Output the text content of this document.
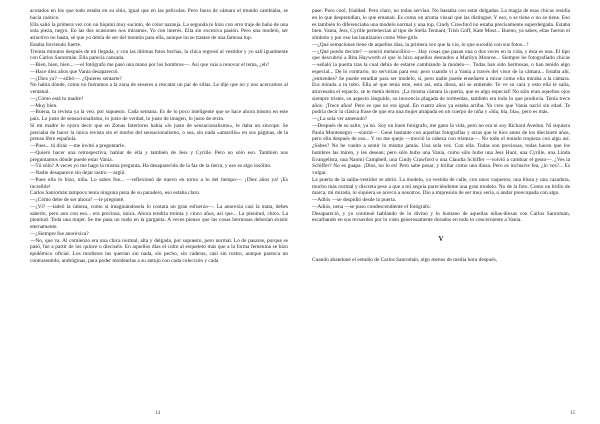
acotados en los que todo estaba en su sitio, igual que en las películas. Pero fuera de cámara el mundo cambiaba, se hacía caótico.

Ella salió la primera vez con un biquini muy sucinto, de color naranja. La segunda lo hizo con otro traje de baño de una sola pieza, negro. En las dos ocasiones nos miramos. Yo con interés. Ella sin excesiva pasión. Pero una modelo, ser atractivo no basta, sé que yo debía de ser del montón para ella, aunque no se tratase de una famosa top.

Estaba lloviendo fuerte.

Treinta minutos después de mi llegada, y con las últimas fotos hechas, la chica regresó al vestidor y yo salí igualmente con Carlos Sanromán. Ella parecía cansada.

—Bien, bien, bien... —el fotógrafo me pasó una mano por los hombros—. Así que vais a renovar el tema, ¿eh?

—Hace diez años que Vania desapareció.

—¿Diez ya? —silbó—. ¿Quieres sentarte?

No había dónde, como no fuéramos a la zona de enseres a rescatar un par de sillas. Le dije que no y nos acercamos al ventanal.

—¿Cómo está tu madre?

—Muy bien.

—Buena, la revista ya la veo, por supuesto. Cada semana. Es de lo poco inteligente que se hace ahora mismo en este país. Lo justo de sensacionalismo, lo justo de verdad, lo justo de imagen, lo justo de texto.

Si mi madre le oyera decir que en Zonas Interiores había «lo justo de sensacionalismo», le daba un síncope. Se preciaba de hacer la única revista sin el morbo del sensacionalismo, o sea, sin nada «amarillo» en sus páginas, de la prensa libre española.

—Pues... tú dirás —me invitó a preguntarle.

—Quiero hacer una retrospectiva, hablar de ella y también de Jess y Cyrille. Pero no sólo eso. También nos preguntamos dónde puede estar Vania.

—Tú sólo? A veces yo me hago la misma pregunta. Ha desaparecido de la faz de la tierra, y eso es algo insólito.

—Nadie desaparece sin dejar rastro —argüí.

—Pues ella lo hizo, niña. Lo sabes fue... —reflexionó de nuevo en torno a lo del tiempo—. ¡Diez años ya! ¡Es increíble!

Carlos Sanromán tampoco tenía ninguna pista de su paradero, eso estaba claro.

—¿Cómo debe de ser ahora? —le pregunté.

—¿Vi? —ladeó la cabeza, como si imaginándosela lo costara un gran esfuerzo—. La anorexia casi la mata, debes saberlo, pero aun con eso... era preciosa, única. Ahora tendría treinta y cinco años, así que... La plenitud, chico. La plenitud. Toda una mujer. Se me pasa un nudo en la garganta. A veces pienso que las cosas hermosas deberían existir eternamente.

—¿Siempre fue anoréxica?

—No, que va. Al comienzo era una chica normal, alta y delgada, por supuesto, pero normal. Lo de pasarse, porque se pasó, fue a partir de los quince o dieciséis. En aquellos días el culto al esqueleto más que a la forma femenina se hizo epidémico oficial. Los modistos las querían sin nada, sin pecho, sin caderas, casi sin rostro, aunque parezca un contrasentido, andróginas, para poder moldearlas a su antojo con cada colección y cada

14

pase. Puro cool, frialdad. Pero claro, no todas servían. No bastaba con estar delgadas. La magia de esas chicas residía en lo que desprendían, lo que emanan. Es como un aroma visual que las distingue. Y eso, o se tiene o no se tiene. Eso es también lo diferenciaba una modelo normal y una top. Cindy Crawford no estaba precisamente superdelgada. Estaba bien. Vania, Jess, Cyrille pertenecían al tipo de Stella Tennant, Trish Goff, Kate Moss... Bueno, ya sabes, ellas fueron el símbolo y por eso las bautizaron como Wee-girls.

—¿Qué semaciones tiene de aquellos días, la primera vez que la vio, lo que sucedió con sus fotos...?

—¿Qué puedo decirte? —sonrió melancólico—. Hay cosas que pasan una o dos veces en la vida, y ésta es una. El tipo que descubrió a Rita Hayworth el que lo hizo aquellos desnudos a Marilyn Monroe... Siempre he fotografiado chicas —señaló la puerta tras la cual debía de estarse cambiando la modelo—. Todas han sido hermosas, o han tenido algo especial... De lo contrario, no servirían para eso; pero cuando vi a Vania a través del visor de la cámara... Estaba ahí, ¿entiendes? Se puede estudiar para ser modelo, sí, pero nadie puede enseñarte a mirar como ella miraba a la cámara. Era mirada a tu tobo. Ella sé que tenía este, esto así, esta diosa, así se entiende. Te ve su cara y esto ella te salía, atravesaba el espacio, se te metía dentro. ¡La misma cámara la quería, que es algo especial! No sólo eran aquellos ojos siempre tristes, su aspecto lánguido, su inocencia plagada de tormentas, también era todo lo que producía. Tenía trece años. ¡Trece años! Pero es que no era igual. En cuatro años ya estaba arriba. Yo creo que Vania nació sin edad. Te podría decir la clásica frase de que era una mujer atrapada en un cuerpo de niña y «bla, bla, bla», pero es más.

—¿La sola ver amenudo?

—Después de su salto, ya no. Soy un buen fotógrafo, me gano la vida, pero no era ni soy Richard Avedon. Ni siquiera Paula Montenegro —sonrió—. Gené bastante con aquellas fotografías y otras que le hice antes de los diecisiete años, pero ella después de eso... Y no me quejo —movió la cabeza con tristeza—. No todo el mundo tropieza con algo así. ¿Sabes? No he vuelto a sentir lo mismo jamás. Una sola vez. Con ella. Todas son preciosas, todas hacen que los hombres las miren, y les desean; pero sólo hubo una Vania, como sólo hubo una Jess Hunt, una Cyrille, una Linda Evangelista, una Naomi Campbell, una Cindy Crawford o una Claudia Schiffer —volvió a cambiar el gesto—. ¿Ves la Schiffer? No es guapa. ¡Dios, no lo es! Pero sabe posar, y brillar como una diosa. Pero es inclusive fea, ¿lo ves?... Es vulgar.

La puerta de la salita-vestidor se abrió. La modelo, ya vestida de calle, con unos vaqueros, una blusa y una cazadora, mucho más normal y discreta pese a que a mí seguía pareciéndome una gran modelo. No de la foto. Como un brillo de marca, mi mirada, ni siquiera se acercó a nosotros. Dio a impresión de ser muy seria, o andar preocupada con algo.

—Adiós —se despidió desde la puerta.

—Adiós, nena —se puso condescendiente el fotógrafo.

Desapareció, y yo continué hablando de lo divino y lo humano de aquellas niñas-diosas con Carlos Sanromán, escarbando en sus recuerdos por lo visto generosamente dorados en todo lo concerniente a Vania.

V

Cuando abandoné el estudio de Carlos Sanromán, algo menos de media hora después,

15
